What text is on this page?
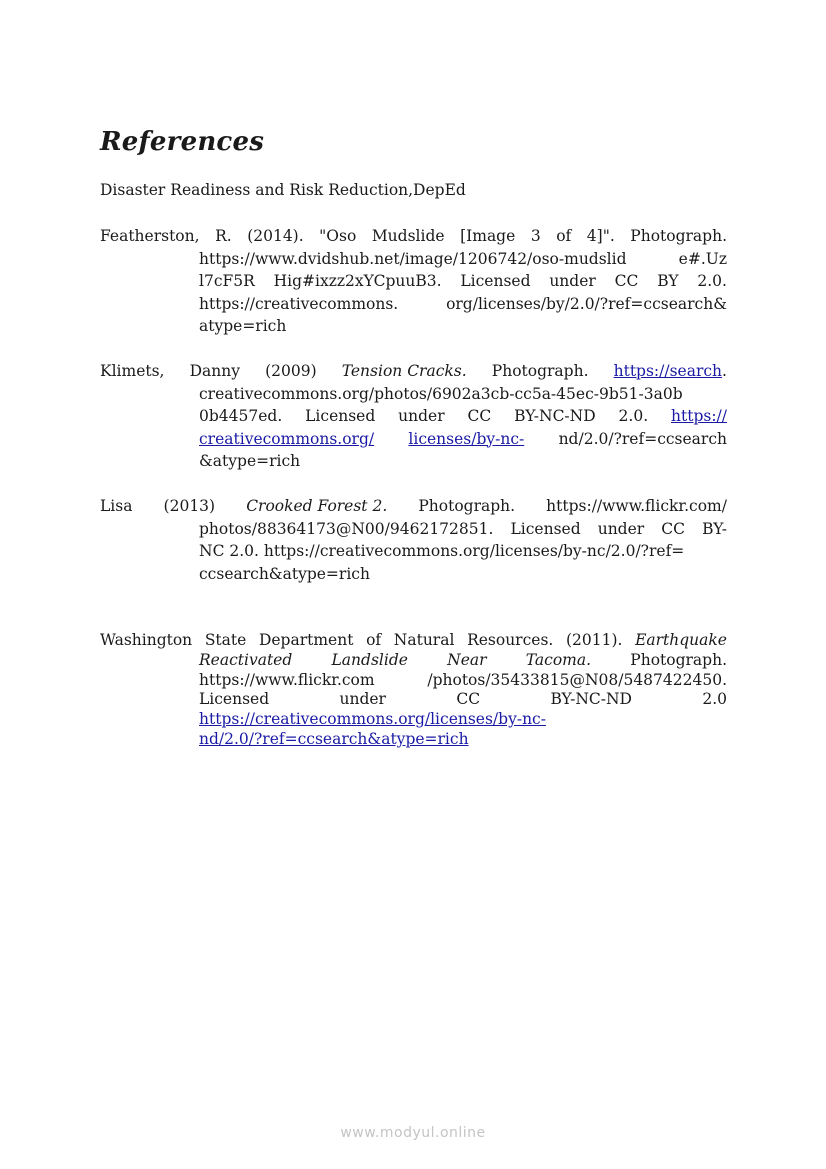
References
Disaster Readiness and Risk Reduction,DepEd
Featherston, R. (2014). "Oso Mudslide [Image 3 of 4]". Photograph.
https://www.dvidshub.net/image/1206742/oso-mudslid	e#.Uz
l7cF5R Hig#ixzz2xYCpuuB3. Licensed under CC BY 2.0.
https://creativecommons.	org/licenses/by/2.0/?ref=ccsearch&
atype=rich
Klimets, Danny (2009) Tension Cracks. Photograph. https://search.
creativecommons.org/photos/6902a3cb-cc5a-45ec-9b51-3a0b
0b4457ed. Licensed under CC BY-NC-ND 2.0. https://
creativecommons.org/ licenses/by-nc- nd/2.0/?ref=ccsearch
&atype=rich
Lisa (2013) Crooked Forest 2. Photograph. https://www.flickr.com/
photos/88364173@N00/9462172851. Licensed under CC BY-
NC 2.0. https://creativecommons.org/licenses/by-nc/2.0/?ref=
ccsearch&atype=rich
Washington State Department of Natural Resources. (2011). Earthquake
Reactivated	Landslide	Near	Tacoma.	Photograph.
https://www.flickr.com	/photos/35433815@N08/5487422450.
Licensed	under	CC	BY-NC-ND	2.0
https://creativecommons.org/licenses/by-nc-
nd/2.0/?ref=ccsearch&atype=rich
www.modyul.online
